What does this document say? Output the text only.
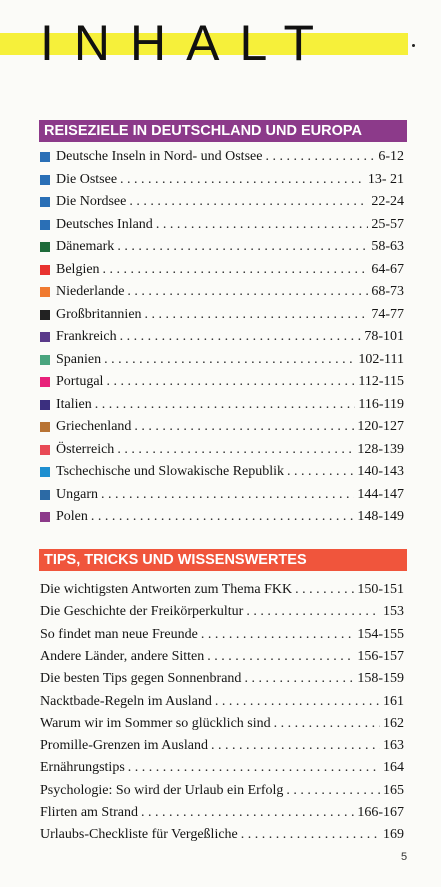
INHALT
REISEZIELE IN DEUTSCHLAND UND EUROPA
Deutsche Inseln in Nord- und Ostsee . . .	6-12
Die Ostsee . . .	13- 21
Die Nordsee . . .	22-24
Deutsches Inland . . .	25-57
Dänemark . . .	58-63
Belgien . . .	64-67
Niederlande . . .	68-73
Großbritannien . . .	74-77
Frankreich . . .	78-101
Spanien . . .	102-111
Portugal . . .	112-115
Italien . . .	116-119
Griechenland . . .	120-127
Österreich . . .	128-139
Tschechische und Slowakische Republik . . .	140-143
Ungarn . . .	144-147
Polen . . .	148-149
TIPS, TRICKS UND WISSENSWERTES
Die wichtigsten Antworten zum Thema FKK . . .	150-151
Die Geschichte der Freikörperkultur . . .	153
So findet man neue Freunde . . .	154-155
Andere Länder, andere Sitten . . .	156-157
Die besten Tips gegen Sonnenbrand . . .	158-159
Nacktbade-Regeln im Ausland . . .	161
Warum wir im Sommer so glücklich sind . . .	162
Promille-Grenzen im Ausland . . .	163
Ernährungstips . . .	164
Psychologie: So wird der Urlaub ein Erfolg . . .	165
Flirten am Strand . . .	166-167
Urlaubs-Checkliste für Vergeßliche . . .	169
5
